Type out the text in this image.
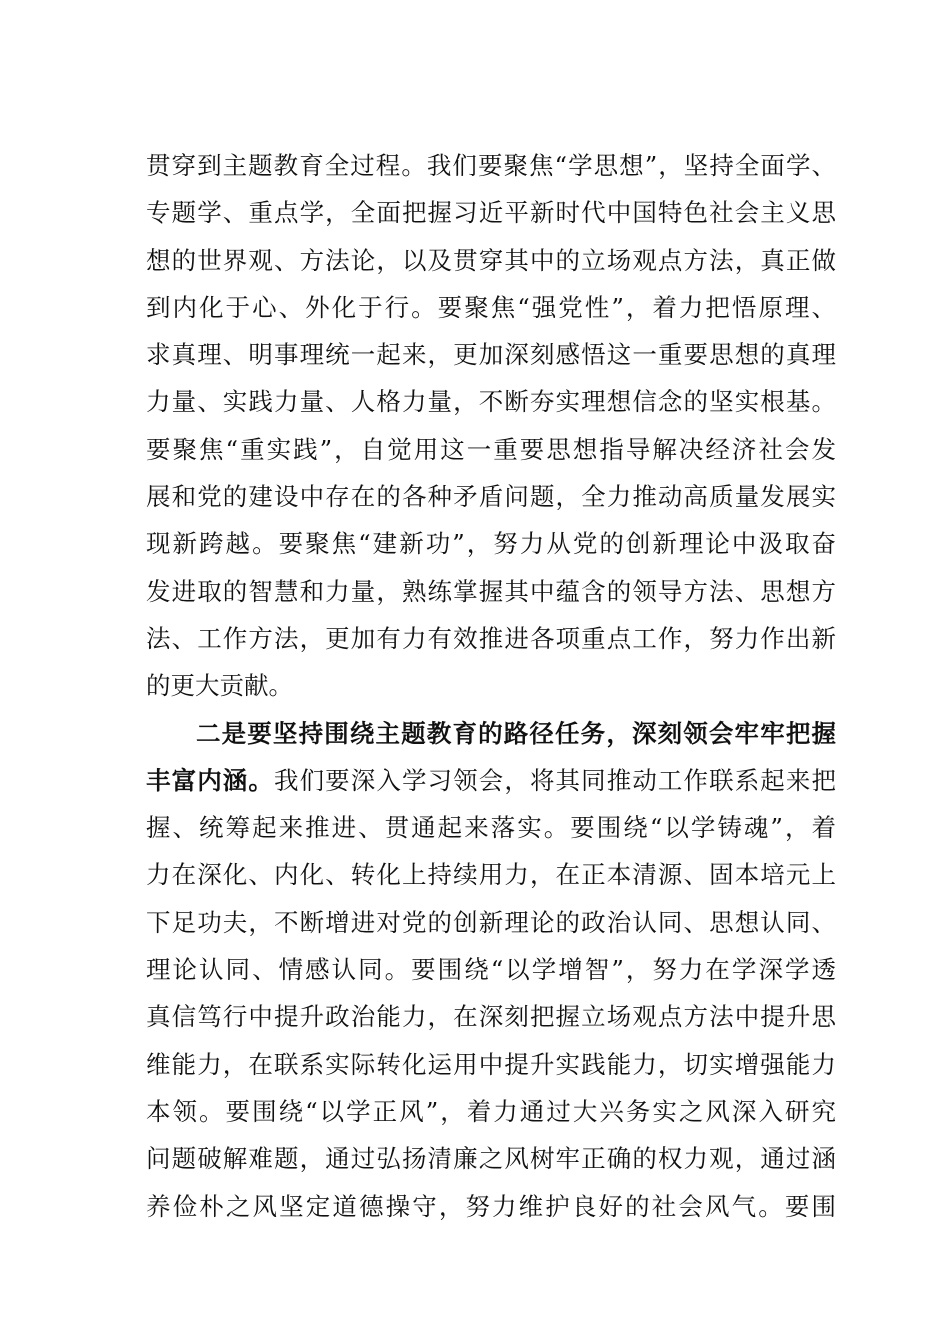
贯穿到主题教育全过程。我们要聚焦“学思想”，坚持全面学、
专题学、重点学，全面把握习近平新时代中国特色社会主义思
想的世界观、方法论，以及贯穿其中的立场观点方法，真正做
到内化于心、外化于行。要聚焦“强党性”，着力把悟原理、
求真理、明事理统一起来，更加深刻感悟这一重要思想的真理
力量、实践力量、人格力量，不断夯实理想信念的坚实根基。
要聚焦“重实践”，自觉用这一重要思想指导解决经济社会发
展和党的建设中存在的各种矛盾问题，全力推动高质量发展实
现新跨越。要聚焦“建新功”，努力从党的创新理论中汲取奋
发进取的智慧和力量，熟练掌握其中蕴含的领导方法、思想方
法、工作方法，更加有力有效推进各项重点工作，努力作出新
的更大贡献。
二是要坚持围绕主题教育的路径任务，深刻领会牢牢把握
丰富内涵。我们要深入学习领会，将其同推动工作联系起来把
握、统筹起来推进、贯通起来落实。要围绕“以学铸魂”，着
力在深化、内化、转化上持续用力，在正本清源、固本培元上
下足功夫，不断增进对党的创新理论的政治认同、思想认同、
理论认同、情感认同。要围绕“以学增智”，努力在学深学透
真信笃行中提升政治能力，在深刻把握立场观点方法中提升思
维能力，在联系实际转化运用中提升实践能力，切实增强能力
本领。要围绕“以学正风”，着力通过大兴务实之风深入研究
问题破解难题，通过弘扬清廉之风树牢正确的权力观，通过涵
养俭朴之风坚定道德操守，努力维护良好的社会风气。要围
